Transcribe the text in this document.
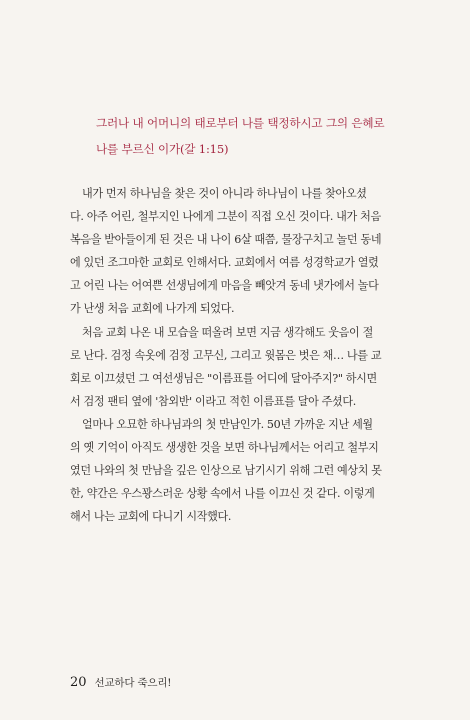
그러나 내 어머니의 태로부터 나를 택정하시고 그의 은혜로

나를 부르신 이가(갈 1:15)

내가 먼저 하나님을 찾은 것이 아니라 하나님이 나를 찾아오셨
다. 아주 어린, 철부지인 나에게 그분이 직접 오신 것이다. 내가 처음
복음을 받아들이게 된 것은 내 나이 6살 때쯤, 물장구치고 놀던 동네
에 있던 조그마한 교회로 인해서다. 교회에서 여름 성경학교가 열렸
고 어린 나는 어여쁜 선생님에게 마음을 빼앗겨 동네 냇가에서 놀다
가 난생 처음 교회에 나가게 되었다.

처음 교회 나온 내 모습을 떠올려 보면 지금 생각해도 웃음이 절
로 난다. 검정 속옷에 검정 고무신, 그리고 윗몸은 벗은 채… 나를 교
회로 이끄셨던 그 여선생님은 "이름표를 어디에 달아주지?" 하시면
서 검정 팬티 옆에 '참외반' 이라고 적힌 이름표를 달아 주셨다.

얼마나 오묘한 하나님과의 첫 만남인가. 50년 가까운 지난 세월
의 옛 기억이 아직도 생생한 것을 보면 하나님께서는 어리고 철부지
였던 나와의 첫 만남을 깊은 인상으로 남기시기 위해 그런 예상치 못
한, 약간은 우스꽝스러운 상황 속에서 나를 이끄신 것 같다. 이렇게
해서 나는 교회에 다니기 시작했다.

20 선교하다 죽으리!
